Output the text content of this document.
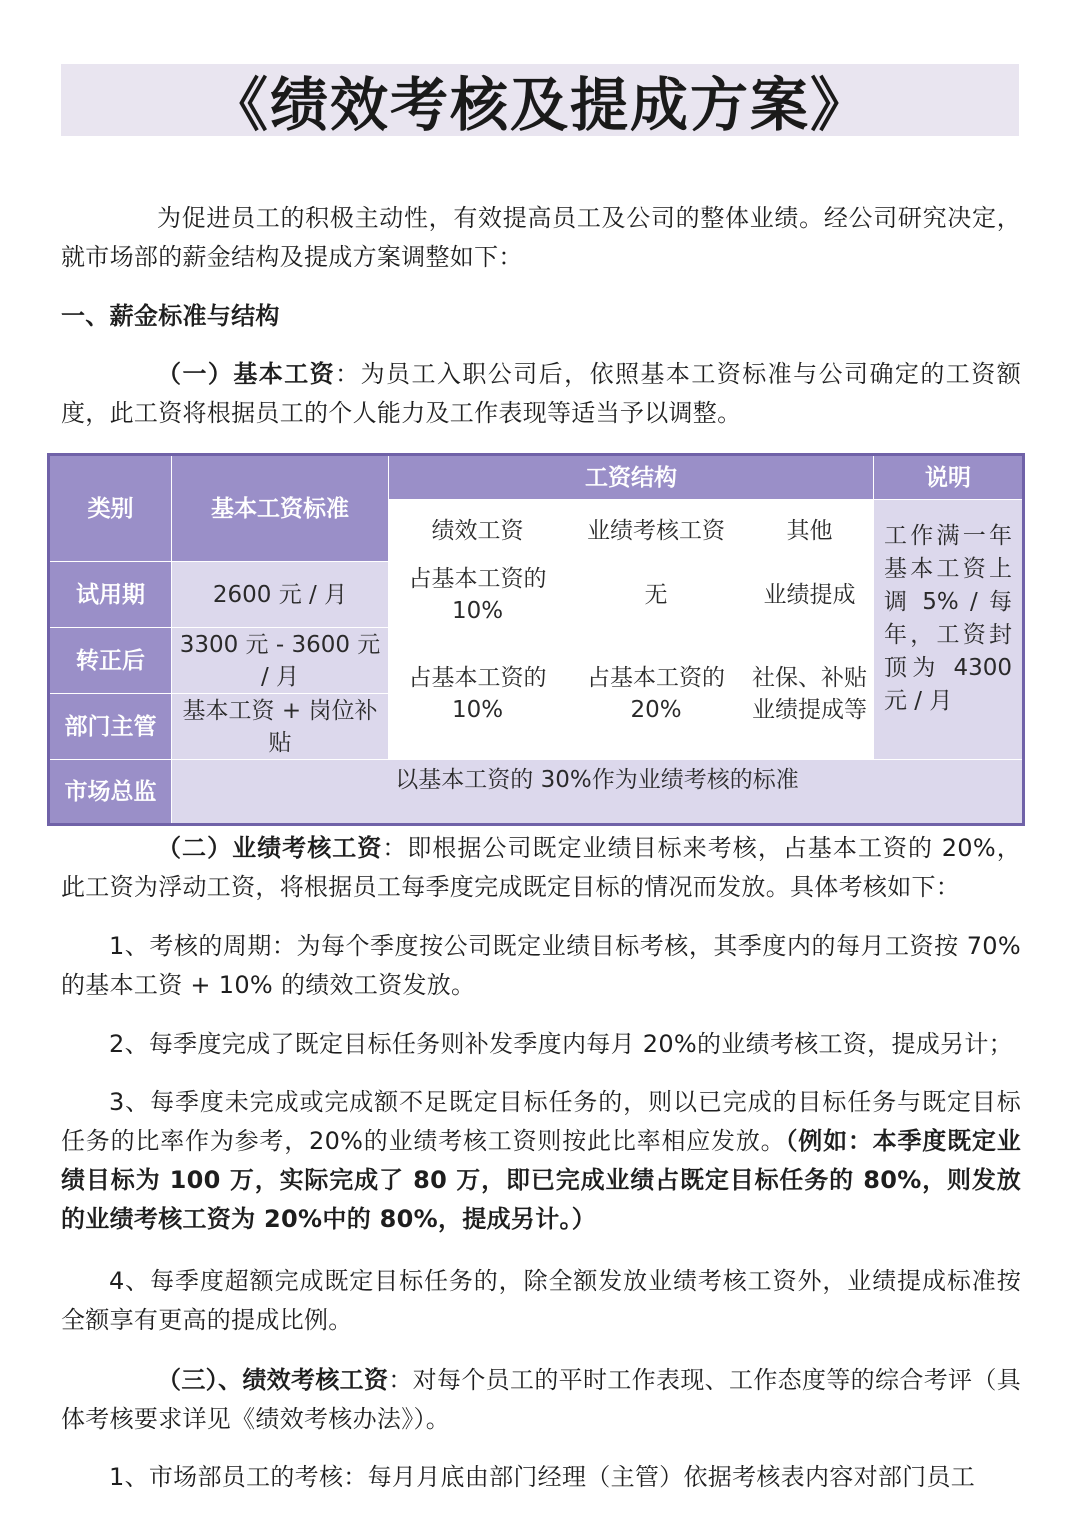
《绩效考核及提成方案》

为促进员工的积极主动性，有效提高员工及公司的整体业绩。经公司研究决定，就市场部的薪金结构及提成方案调整如下：

一、薪金标准与结构

（一）基本工资：为员工入职公司后，依照基本工资标准与公司确定的工资额度，此工资将根据员工的个人能力及工作表现等适当予以调整。

类别	基本工资标准	工资结构			说明
		绩效工资	业绩考核工资	其他	工作满一年基本工资上调 5% / 每年，工资封顶为 4300 元 / 月
试用期	2600 元 / 月	占基本工资的 10%	无	业绩提成	
转正后	3300 元 - 3600 元 / 月	占基本工资的 10%	占基本工资的 20%	社保、补贴业绩提成等	
部门主管	基本工资 + 岗位补贴				
市场总监	以基本工资的 30%作为业绩考核的标准				

（二）业绩考核工资：即根据公司既定业绩目标来考核，占基本工资的 20%，此工资为浮动工资，将根据员工每季度完成既定目标的情况而发放。具体考核如下：

1、考核的周期：为每个季度按公司既定业绩目标考核，其季度内的每月工资按 70% 的基本工资 + 10% 的绩效工资发放。

2、每季度完成了既定目标任务则补发季度内每月 20%的业绩考核工资，提成另计；

3、每季度未完成或完成额不足既定目标任务的，则以已完成的目标任务与既定目标任务的比率作为参考，20%的业绩考核工资则按此比率相应发放。（例如：本季度既定业绩目标为 100 万，实际完成了 80 万，即已完成业绩占既定目标任务的 80%，则发放的业绩考核工资为 20%中的 80%，提成另计。）

4、每季度超额完成既定目标任务的，除全额发放业绩考核工资外，业绩提成标准按全额享有更高的提成比例。

（三）、绩效考核工资：对每个员工的平时工作表现、工作态度等的综合考评（具体考核要求详见《绩效考核办法》）。

1、市场部员工的考核：每月月底由部门经理（主管）依据考核表内容对部门员工
